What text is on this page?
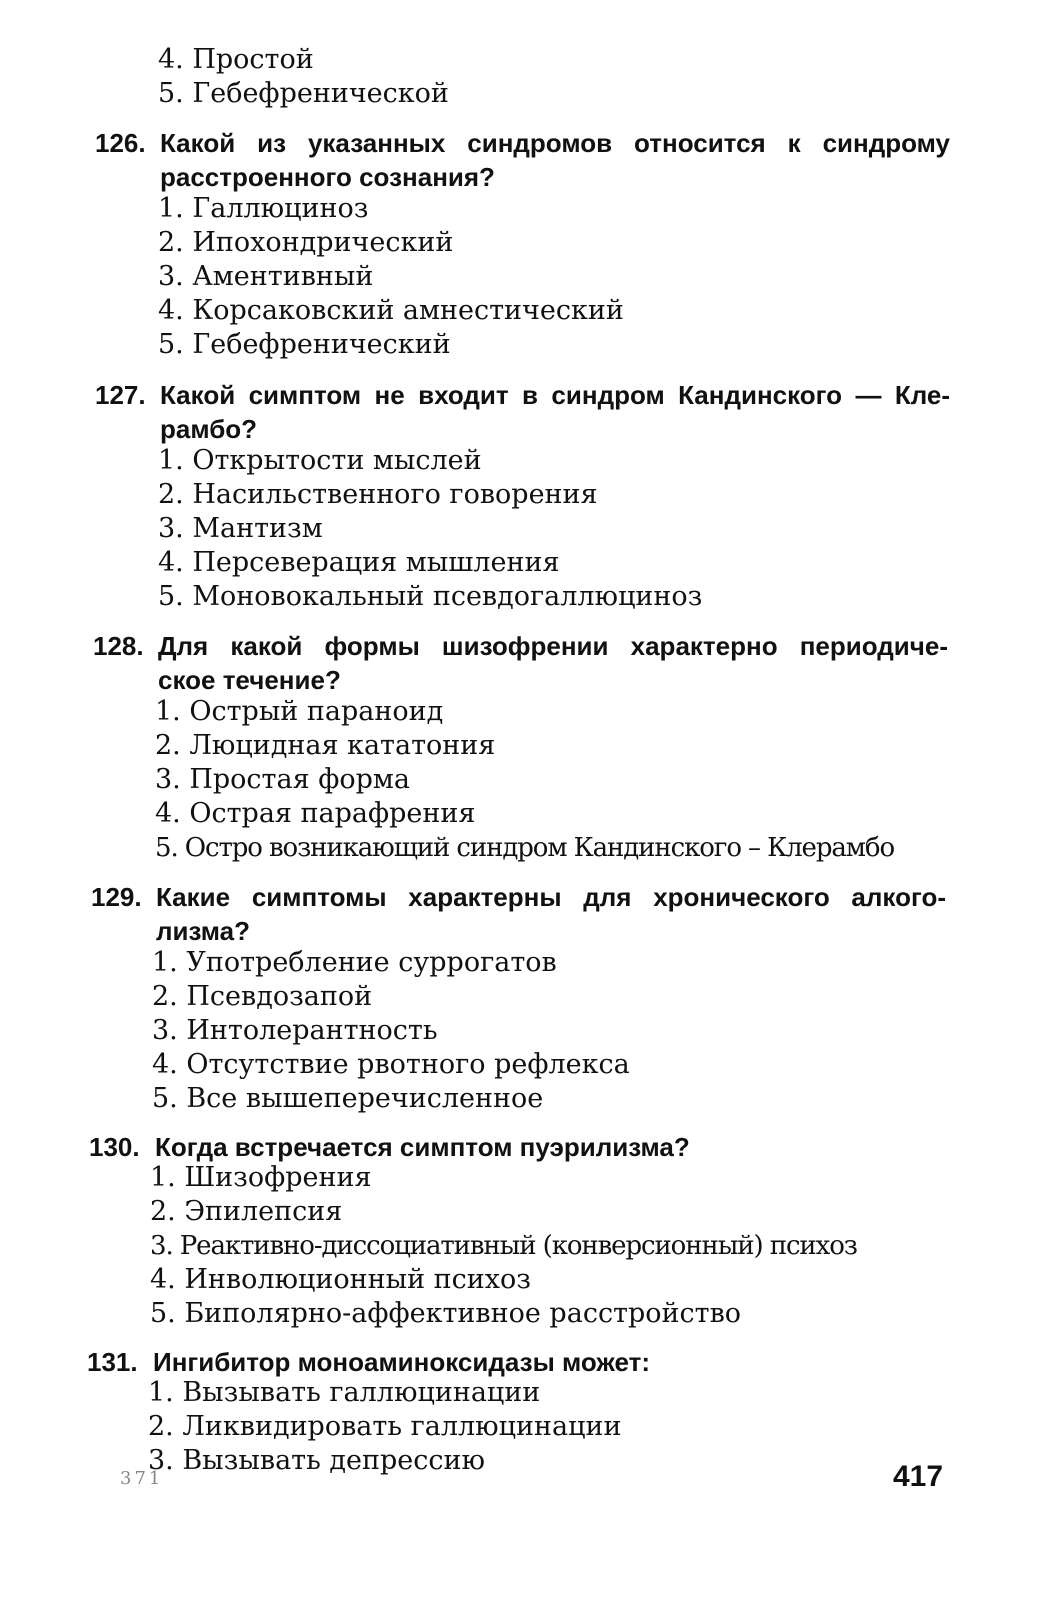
4. Простой
5. Гебефренической
126. Какой из указанных синдромов относится к синдрому
расстроенного сознания?
1. Галлюциноз
2. Ипохондрический
3. Аментивный
4. Корсаковский амнестический
5. Гебефренический
127. Какой симптом не входит в синдром Кандинского — Кле-
рамбо?
1. Открытости мыслей
2. Насильственного говорения
3. Мантизм
4. Персеверация мышления
5. Моновокальный псевдогаллюциноз
128. Для какой формы шизофрении характерно периодиче-
ское течение?
1. Острый параноид
2. Люцидная кататония
3. Простая форма
4. Острая парафрения
5. Остро возникающий синдром Кандинского – Клерамбо
129. Какие симптомы характерны для хронического алкого-
лизма?
1. Употребление суррогатов
2. Псевдозапой
3. Интолерантность
4. Отсутствие рвотного рефлекса
5. Все вышеперечисленное
130. Когда встречается симптом пуэрилизма?
1. Шизофрения
2. Эпилепсия
3. Реактивно-диссоциативный (конверсионный) психоз
4. Инволюционный психоз
5. Биполярно-аффективное расстройство
131. Ингибитор моноаминоксидазы может:
1. Вызывать галлюцинации
2. Ликвидировать галлюцинации
3. Вызывать депрессию
371	417
